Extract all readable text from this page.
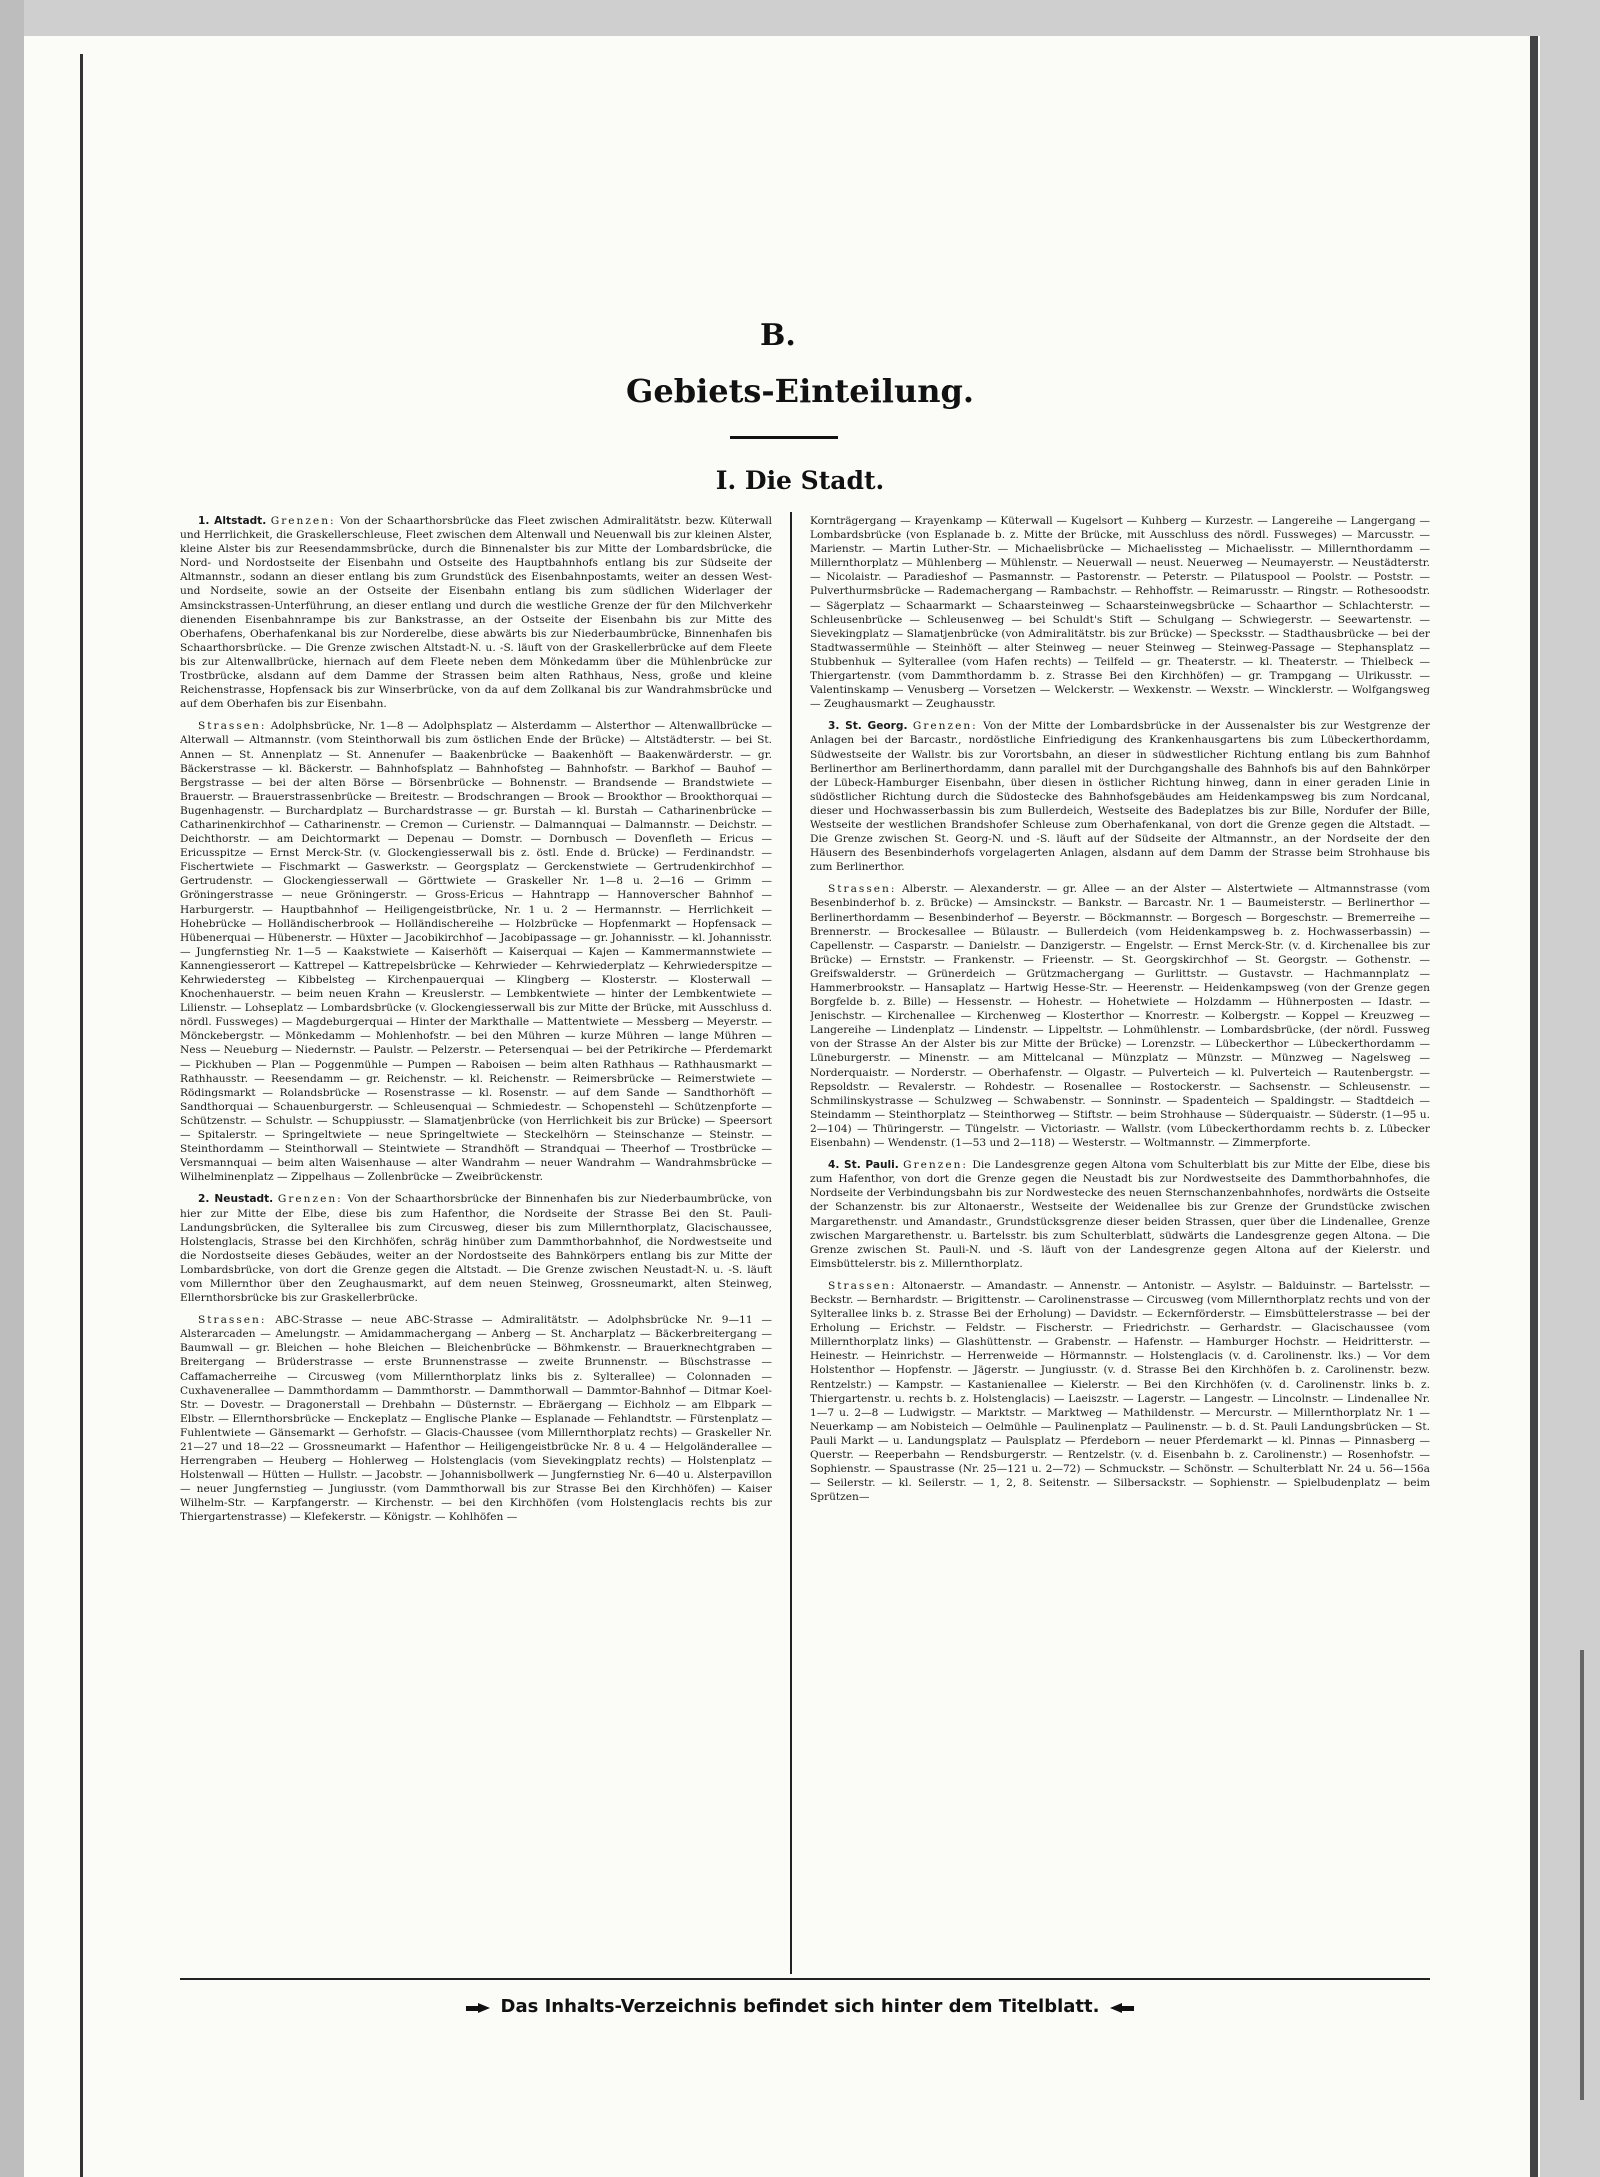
B.
Gebiets-Einteilung.
I. Die Stadt.

1. Altstadt. Grenzen: Von der Schaarthorsbrücke das Fleet zwischen Admiralitätstr. bezw. Küterwall und Herrlichkeit, die Graskellerschleuse, Fleet zwischen dem Altenwall und Neuenwall bis zur kleinen Alster, kleine Alster bis zur Reesendammsbrücke, durch die Binnenalster bis zur Mitte der Lombardsbrücke, die Nord- und Nordostseite der Eisenbahn und Ostseite des Hauptbahnhofs entlang bis zur Südseite der Altmannstr., sodann an dieser entlang bis zum Grundstück des Eisenbahnpostamts, weiter an dessen West- und Nordseite, sowie an der Ostseite der Eisenbahn entlang bis zum südlichen Widerlager der Amsinckstrassen-Unterführung, an dieser entlang und durch die westliche Grenze der für den Milchverkehr dienenden Eisenbahnrampe bis zur Bankstrasse, an der Ostseite der Eisenbahn bis zur Mitte des Oberhafens, Oberhafenkanal bis zur Norderelbe, diese abwärts bis zur Niederbaumbrücke, Binnenhafen bis Schaarthorsbrücke. — Die Grenze zwischen Altstadt-N. u. -S. läuft von der Graskellerbrücke auf dem Fleete bis zur Altenwallbrücke, hiernach auf dem Fleete neben dem Mönkedamm über die Mühlenbrücke zur Trostbrücke, alsdann auf dem Damme der Strassen beim alten Rathhaus, Ness, große und kleine Reichenstrasse, Hopfensack bis zur Winserbrücke, von da auf dem Zollkanal bis zur Wandrahmsbrücke und auf dem Oberhafen bis zur Eisenbahn.

Strassen: Adolphsbrücke, Nr. 1—8 — Adolphsplatz — Alsterdamm — Alsterthor — Altenwallbrücke — Alterwall — Altmannstr. (vom Steinthorwall bis zum östlichen Ende der Brücke) — Altstädterstr. — bei St. Annen — St. Annenplatz — St. Annenufer — Baakenbrücke — Baakenhöft — Baakenwärderstr. — gr. Bäckerstrasse — kl. Bäckerstr. — Bahnhofsplatz — Bahnhofsteg — Bahnhofstr. — Barkhof — Bauhof — Bergstrasse — bei der alten Börse — Börsenbrücke — Bohnenstr. — Brandsende — Brandstwiete — Brauerstr. — Brauerstrassenbrücke — Breitestr. — Brodschrangen — Brook — Brookthor — Brookthorquai — Bugenhagenstr. — Burchardplatz — Burchardstrasse — gr. Burstah — kl. Burstah — Catharinenbrücke — Catharinenkirchhof — Catharinenstr. — Cremon — Curienstr. — Dalmannquai — Dalmannstr. — Deichstr. — Deichthorstr. — am Deichtormarkt — Depenau — Domstr. — Dornbusch — Dovenfleth — Ericus — Ericusspitze — Ernst Merck-Str. (v. Glockengiesserwall bis z. östl. Ende d. Brücke) — Ferdinandstr. — Fischertwiete — Fischmarkt — Gaswerkstr. — Georgsplatz — Gerckenstwiete — Gertrudenkirchhof — Gertrudenstr. — Glockengiesserwall — Görttwiete — Graskeller Nr. 1—8 u. 2—16 — Grimm — Gröningerstrasse — neue Gröningerstr. — Gross-Ericus — Hahntrapp — Hannoverscher Bahnhof — Harburgerstr. — Hauptbahnhof — Heiligengeistbrücke, Nr. 1 u. 2 — Hermannstr. — Herrlichkeit — Hohebrücke — Holländischerbrook — Holländischereihe — Holzbrücke — Hopfenmarkt — Hopfensack — Hübenerquai — Hübenerstr. — Hüxter — Jacobikirchhof — Jacobipassage — gr. Johannisstr. — kl. Johannisstr. — Jungfernstieg Nr. 1—5 — Kaakstwiete — Kaiserhöft — Kaiserquai — Kajen — Kammermannstwiete — Kannengiesserort — Kattrepel — Kattrepelsbrücke — Kehrwieder — Kehrwiederplatz — Kehrwiederspitze — Kehrwiedersteg — Kibbelsteg — Kirchenpauerquai — Klingberg — Klosterstr. — Klosterwall — Knochenhauerstr. — beim neuen Krahn — Kreuslerstr. — Lembkentwiete — hinter der Lembkentwiete — Lilienstr. — Lohseplatz — Lombardsbrücke (v. Glockengiesserwall bis zur Mitte der Brücke, mit Ausschluss d. nördl. Fussweges) — Magdeburgerquai — Hinter der Markthalle — Mattentwiete — Messberg — Meyerstr. — Mönckebergstr. — Mönkedamm — Mohlenhofstr. — bei den Mühren — kurze Mühren — lange Mühren — Ness — Neueburg — Niedernstr. — Paulstr. — Pelzerstr. — Petersenquai — bei der Petrikirche — Pferdemarkt — Pickhuben — Plan — Poggenmühle — Pumpen — Raboisen — beim alten Rathhaus — Rathhausmarkt — Rathhausstr. — Reesendamm — gr. Reichenstr. — kl. Reichenstr. — Reimersbrücke — Reimerstwiete — Rödingsmarkt — Rolandsbrücke — Rosenstrasse — kl. Rosenstr. — auf dem Sande — Sandthorhöft — Sandthorquai — Schauenburgerstr. — Schleusenquai — Schmiedestr. — Schopenstehl — Schützenpforte — Schützenstr. — Schulstr. — Schuppiusstr. — Slamatjenbrücke (von Herrlichkeit bis zur Brücke) — Speersort — Spitalerstr. — Springeltwiete — neue Springeltwiete — Steckelhörn — Steinschanze — Steinstr. — Steinthordamm — Steinthorwall — Steintwiete — Strandhöft — Strandquai — Theerhof — Trostbrücke — Versmannquai — beim alten Waisenhause — alter Wandrahm — neuer Wandrahm — Wandrahmsbrücke — Wilhelminenplatz — Zippelhaus — Zollenbrücke — Zweibrückenstr.

2. Neustadt. Grenzen: Von der Schaarthorsbrücke der Binnenhafen bis zur Niederbaumbrücke, von hier zur Mitte der Elbe, diese bis zum Hafenthor, die Nordseite der Strasse Bei den St. Pauli-Landungsbrücken, die Sylterallee bis zum Circusweg, dieser bis zum Millernthorplatz, Glacischaussee, Holstenglacis, Strasse bei den Kirchhöfen, schräg hinüber zum Dammthorbahnhof, die Nordwestseite und die Nordostseite dieses Gebäudes, weiter an der Nordostseite des Bahnkörpers entlang bis zur Mitte der Lombardsbrücke, von dort die Grenze gegen die Altstadt. — Die Grenze zwischen Neustadt-N. u. -S. läuft vom Millernthor über den Zeughausmarkt, auf dem neuen Steinweg, Grossneumarkt, alten Steinweg, Ellernthorsbrücke bis zur Graskellerbrücke.

Strassen: ABC-Strasse — neue ABC-Strasse — Admiralitätstr. — Adolphsbrücke Nr. 9—11 — Alsterarcaden — Amelungstr. — Amidammachergang — Anberg — St. Ancharplatz — Bäckerbreitergang — Baumwall — gr. Bleichen — hohe Bleichen — Bleichenbrücke — Böhmkenstr. — Brauerknechtgraben — Breitergang — Brüderstrasse — erste Brunnenstrasse — zweite Brunnenstr. — Büschstrasse — Caffamacherreihe — Circusweg (vom Millernthorplatz links bis z. Sylterallee) — Colonnaden — Cuxhavenerallee — Dammthordamm — Dammthorstr. — Dammthorwall — Dammtor-Bahnhof — Ditmar Koel-Str. — Dovestr. — Dragonerstall — Drehbahn — Düsternstr. — Ebräergang — Eichholz — am Elbpark — Elbstr. — Ellernthorsbrücke — Enckeplatz — Englische Planke — Esplanade — Fehlandtstr. — Fürstenplatz — Fuhlentwiete — Gänsemarkt — Gerhofstr. — Glacis-Chaussee (vom Millernthorplatz rechts) — Graskeller Nr. 21—27 und 18—22 — Grossneumarkt — Hafenthor — Heiligengeistbrücke Nr. 8 u. 4 — Helgoländerallee — Herrengraben — Heuberg — Hohlerweg — Holstenglacis (vom Sievekingplatz rechts) — Holstenplatz — Holstenwall — Hütten — Hullstr. — Jacobstr. — Johannisbollwerk — Jungfernstieg Nr. 6—40 u. Alsterpavillon — neuer Jungfernstieg — Jungiusstr. (vom Dammthorwall bis zur Strasse Bei den Kirchhöfen) — Kaiser Wilhelm-Str. — Karpfangerstr. — Kirchenstr. — bei den Kirchhöfen (vom Holstenglacis rechts bis zur Thiergartenstrasse) — Klefekerstr. — Königstr. — Kohlhöfen —

Kornträgergang — Krayenkamp — Küterwall — Kugelsort — Kuhberg — Kurzestr. — Langereihe — Langergang — Lombardsbrücke (von Esplanade b. z. Mitte der Brücke, mit Ausschluss des nördl. Fussweges) — Marcusstr. — Marienstr. — Martin Luther-Str. — Michaelisbrücke — Michaelissteg — Michaelisstr. — Millernthordamm — Millernthorplatz — Mühlenberg — Mühlenstr. — Neuerwall — neust. Neuerweg — Neumayerstr. — Neustädterstr. — Nicolaistr. — Paradieshof — Pasmannstr. — Pastorenstr. — Peterstr. — Pilatuspool — Poolstr. — Poststr. — Pulverthurmsbrücke — Rademachergang — Rambachstr. — Rehhoffstr. — Reimarusstr. — Ringstr. — Rothesoodstr. — Sägerplatz — Schaarmarkt — Schaarsteinweg — Schaarsteinwegsbrücke — Schaarthor — Schlachterstr. — Schleusenbrücke — Schleusenweg — bei Schuldt's Stift — Schulgang — Schwiegerstr. — Seewartenstr. — Sievekingplatz — Slamatjenbrücke (von Admiralitätstr. bis zur Brücke) — Specksstr. — Stadthausbrücke — bei der Stadtwassermühle — Steinhöft — alter Steinweg — neuer Steinweg — Steinweg-Passage — Stephansplatz — Stubbenhuk — Sylterallee (vom Hafen rechts) — Teilfeld — gr. Theaterstr. — kl. Theaterstr. — Thielbeck — Thiergartenstr. (vom Dammthordamm b. z. Strasse Bei den Kirchhöfen) — gr. Trampgang — Ulrikusstr. — Valentinskamp — Venusberg — Vorsetzen — Welckerstr. — Wexkenstr. — Wexstr. — Wincklerstr. — Wolfgangsweg — Zeughausmarkt — Zeughausstr.

3. St. Georg. Grenzen: Von der Mitte der Lombardsbrücke in der Aussenalster bis zur Westgrenze der Anlagen bei der Barcastr., nordöstliche Einfriedigung des Krankenhausgartens bis zum Lübeckerthordamm, Südwestseite der Wallstr. bis zur Vorortsbahn, an dieser in südwestlicher Richtung entlang bis zum Bahnhof Berlinerthor am Berlinerthordamm, dann parallel mit der Durchgangshalle des Bahnhofs bis auf den Bahnkörper der Lübeck-Hamburger Eisenbahn, über diesen in östlicher Richtung hinweg, dann in einer geraden Linie in südöstlicher Richtung durch die Südostecke des Bahnhofsgebäudes am Heidenkampsweg bis zum Nordcanal, dieser und Hochwasserbassin bis zum Bullerdeich, Westseite des Badeplatzes bis zur Bille, Nordufer der Bille, Westseite der westlichen Brandshofer Schleuse zum Oberhafenkanal, von dort die Grenze gegen die Altstadt. — Die Grenze zwischen St. Georg-N. und -S. läuft auf der Südseite der Altmannstr., an der Nordseite der den Häusern des Besenbinderhofs vorgelagerten Anlagen, alsdann auf dem Damm der Strasse beim Strohhause bis zum Berlinerthor.

Strassen: Alberstr. — Alexanderstr. — gr. Allee — an der Alster — Alstertwiete — Altmannstrasse (vom Besenbinderhof b. z. Brücke) — Amsinckstr. — Bankstr. — Barcastr. Nr. 1 — Baumeisterstr. — Berlinerthor — Berlinerthordamm — Besenbinderhof — Beyerstr. — Böckmannstr. — Borgesch — Borgeschstr. — Bremerreihe — Brennerstr. — Brockesallee — Bülaustr. — Bullerdeich (vom Heidenkampsweg b. z. Hochwasserbassin) — Capellenstr. — Casparstr. — Danielstr. — Danzigerstr. — Engelstr. — Ernst Merck-Str. (v. d. Kirchenallee bis zur Brücke) — Ernststr. — Frankenstr. — Frieenstr. — St. Georgskirchhof — St. Georgstr. — Gothenstr. — Greifswalderstr. — Grünerdeich — Grützmachergang — Gurlittstr. — Gustavstr. — Hachmannplatz — Hammerbrookstr. — Hansaplatz — Hartwig Hesse-Str. — Heerenstr. — Heidenkampsweg (von der Grenze gegen Borgfelde b. z. Bille) — Hessenstr. — Hohestr. — Hohetwiete — Holzdamm — Hühnerposten — Idastr. — Jenischstr. — Kirchenallee — Kirchenweg — Klosterthor — Knorrestr. — Kolbergstr. — Koppel — Kreuzweg — Langereihe — Lindenplatz — Lindenstr. — Lippeltstr. — Lohmühlenstr. — Lombardsbrücke, (der nördl. Fussweg von der Strasse An der Alster bis zur Mitte der Brücke) — Lorenzstr. — Lübeckerthor — Lübeckerthordamm — Lüneburgerstr. — Minenstr. — am Mittelcanal — Münzplatz — Münzstr. — Münzweg — Nagelsweg — Norderquaistr. — Norderstr. — Oberhafenstr. — Olgastr. — Pulverteich — kl. Pulverteich — Rautenbergstr. — Repsoldstr. — Revalerstr. — Rohdestr. — Rosenallee — Rostockerstr. — Sachsenstr. — Schleusenstr. — Schmilinskystrasse — Schulzweg — Schwabenstr. — Sonninstr. — Spadenteich — Spaldingstr. — Stadtdeich — Steindamm — Steinthorplatz — Steinthorweg — Stiftstr. — beim Strohhause — Süderquaistr. — Süderstr. (1—95 u. 2—104) — Thüringerstr. — Tüngelstr. — Victoriastr. — Wallstr. (vom Lübeckerthordamm rechts b. z. Lübecker Eisenbahn) — Wendenstr. (1—53 und 2—118) — Westerstr. — Woltmannstr. — Zimmerpforte.

4. St. Pauli. Grenzen: Die Landesgrenze gegen Altona vom Schulterblatt bis zur Mitte der Elbe, diese bis zum Hafenthor, von dort die Grenze gegen die Neustadt bis zur Nordwestseite des Dammthorbahnhofes, die Nordseite der Verbindungsbahn bis zur Nordwestecke des neuen Sternschanzenbahnhofes, nordwärts die Ostseite der Schanzenstr. bis zur Altonaerstr., Westseite der Weidenallee bis zur Grenze der Grundstücke zwischen Margarethenstr. und Amandastr., Grundstücksgrenze dieser beiden Strassen, quer über die Lindenallee, Grenze zwischen Margarethenstr. u. Bartelsstr. bis zum Schulterblatt, südwärts die Landesgrenze gegen Altona. — Die Grenze zwischen St. Pauli-N. und -S. läuft von der Landesgrenze gegen Altona auf der Kielerstr. und Eimsbüttelerstr. bis z. Millernthorplatz.

Strassen: Altonaerstr. — Amandastr. — Annenstr. — Antonistr. — Asylstr. — Balduinstr. — Bartelsstr. — Beckstr. — Bernhardstr. — Brigittenstr. — Carolinenstrasse — Circusweg (vom Millernthorplatz rechts und von der Sylterallee links b. z. Strasse Bei der Erholung) — Davidstr. — Eckernförderstr. — Eimsbüttelerstrasse — bei der Erholung — Erichstr. — Feldstr. — Fischerstr. — Friedrichstr. — Gerhardstr. — Glacischaussee (vom Millernthorplatz links) — Glashüttenstr. — Grabenstr. — Hafenstr. — Hamburger Hochstr. — Heidritterstr. — Heinestr. — Heinrichstr. — Herrenweide — Hörmannstr. — Holstenglacis (v. d. Carolinenstr. lks.) — Vor dem Holstenthor — Hopfenstr. — Jägerstr. — Jungiusstr. (v. d. Strasse Bei den Kirchhöfen b. z. Carolinenstr. bezw. Rentzelstr.) — Kampstr. — Kastanienallee — Kielerstr. — Bei den Kirchhöfen (v. d. Carolinenstr. links b. z. Thiergartenstr. u. rechts b. z. Holstenglacis) — Laeiszstr. — Lagerstr. — Langestr. — Lincolnstr. — Lindenallee Nr. 1—7 u. 2—8 — Ludwigstr. — Marktstr. — Marktweg — Mathildenstr. — Mercurstr. — Millernthorplatz Nr. 1 — Neuerkamp — am Nobisteich — Oelmühle — Paulinenplatz — Paulinenstr. — b. d. St. Pauli Landungsbrücken — St. Pauli Markt — u. Landungsplatz — Paulsplatz — Pferdeborn — neuer Pferdemarkt — kl. Pinnas — Pinnasberg — Querstr. — Reeperbahn — Rendsburgerstr. — Rentzelstr. (v. d. Eisenbahn b. z. Carolinenstr.) — Rosenhofstr. — Sophienstr. — Spaustrasse (Nr. 25—121 u. 2—72) — Schmuckstr. — Schönstr. — Schulterblatt Nr. 24 u. 56—156a — Seilerstr. — kl. Seilerstr. — 1, 2, 8. Seitenstr. — Silbersackstr. — Sophienstr. — Spielbudenplatz — beim Sprützen—

Das Inhalts-Verzeichnis befindet sich hinter dem Titelblatt.
